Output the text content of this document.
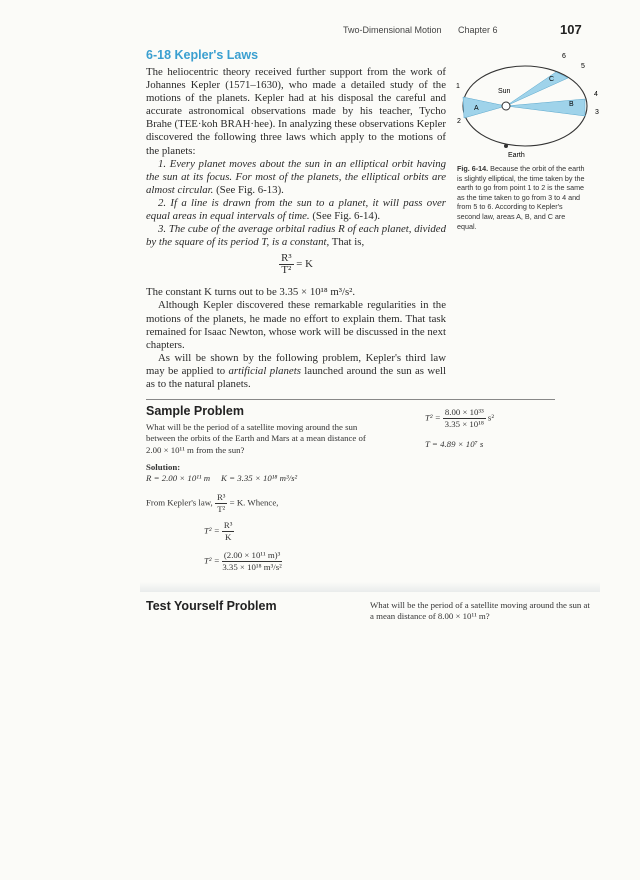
Two-Dimensional Motion Chapter 6	107
6-18 Kepler's Laws

The heliocentric theory received further support from the work of Johannes Kepler (1571–1630), who made a detailed study of the motions of the planets. Kepler had at his disposal the careful and accurate astronomical observations made by his teacher, Tycho Brahe (TEE·koh BRAH·hee). In analyzing these observations Kepler discovered the following three laws which apply to the motions of the planets:

1. Every planet moves about the sun in an elliptical orbit having the sun at its focus. For most of the planets, the elliptical orbits are almost circular. (See Fig. 6-13).

2. If a line is drawn from the sun to a planet, it will pass over equal areas in equal intervals of time. (See Fig. 6-14).

3. The cube of the average orbital radius R of each planet, divided by the square of its period T, is a constant, That is,

$\frac{\text{R³}}{\text{T²}} = K$

The constant K turns out to be 3.35 × 10¹⁸ m³/s².

Although Kepler discovered these remarkable regularities in the motions of the planets, he made no effort to explain them. That task remained for Isaac Newton, whose work will be discussed in the next chapters.

As will be shown by the following problem, Kepler's third law may be applied to artificial planets launched around the sun as well as to the natural planets.

Sun
Earth
A
B
C
1
2
3
4
5
6
Fig. 6-14. Because the orbit of the earth is slightly elliptical, the time taken by the earth to go from point 1 to 2 is the same as the time taken to go from 3 to 4 and from 5 to 6. According to Kepler's second law, areas A, B, and C are equal.
Sample Problem
What will be the period of a satellite moving around the sun between the orbits of the Earth and Mars at a mean distance of 2.00 × 10¹¹ m from the sun?
Solution:
R = 2.00 × 10¹¹ m     K = 3.35 × 10¹⁸ m³/s²
From Kepler's law, $\frac{\text{R³}}{\text{T²}} = K$. Whence,
$T^2 = \frac{\text{R³}}{K}$
$T^2 = \frac{\text{(2.00 × 10¹¹ m)³}}{\text{3.35 × 10¹⁸ m³/s²}}$
$T^2 = \frac{\text{8.00 × 10³³}}{\text{3.35 × 10¹⁸}} s^2$
T = 4.89 × 10⁷ s
Test Yourself Problem	What will be the period of a satellite moving around the sun at a mean distance of 8.00 × 10¹¹ m?
